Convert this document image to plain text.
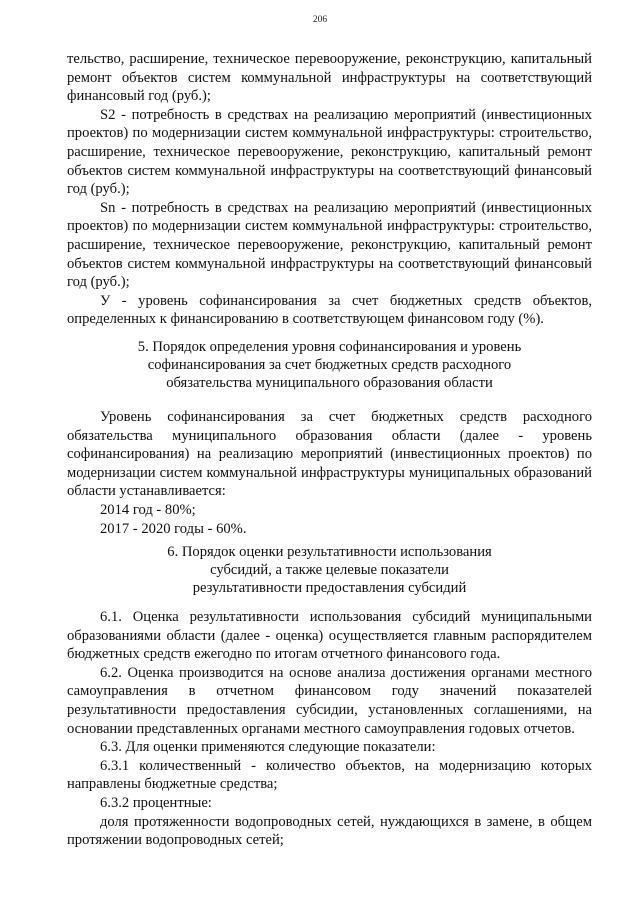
206

тельство, расширение, техническое перевооружение, реконструкцию, капитальный ремонт объектов систем коммунальной инфраструктуры на соответствующий финансовый год (руб.);

S2 - потребность в средствах на реализацию мероприятий (инвестиционных проектов) по модернизации систем коммунальной инфраструктуры: строительство, расширение, техническое перевооружение, реконструкцию, капитальный ремонт объектов систем коммунальной инфраструктуры на соответствующий финансовый год (руб.);

Sn - потребность в средствах на реализацию мероприятий (инвестиционных проектов) по модернизации систем коммунальной инфраструктуры: строительство, расширение, техническое перевооружение, реконструкцию, капитальный ремонт объектов систем коммунальной инфраструктуры на соответствующий финансовый год (руб.);

У - уровень софинансирования за счет бюджетных средств объектов, определенных к финансированию в соответствующем финансовом году (%).

5. Порядок определения уровня софинансирования и уровень

софинансирования за счет бюджетных средств расходного

обязательства муниципального образования области

Уровень софинансирования за счет бюджетных средств расходного обязательства муниципального образования области (далее - уровень софинансирования) на реализацию мероприятий (инвестиционных проектов) по модернизации систем коммунальной инфраструктуры муниципальных образований области устанавливается:

2014 год - 80%;

2017 - 2020 годы - 60%.

6. Порядок оценки результативности использования

субсидий, а также целевые показатели

результативности предоставления субсидий

6.1. Оценка результативности использования субсидий муниципальными образованиями области (далее - оценка) осуществляется главным распорядителем бюджетных средств ежегодно по итогам отчетного финансового года.

6.2. Оценка производится на основе анализа достижения органами местного самоуправления в отчетном финансовом году значений показателей результативности предоставления субсидии, установленных соглашениями, на основании представленных органами местного самоуправления годовых отчетов.

6.3. Для оценки применяются следующие показатели:

6.3.1 количественный - количество объектов, на модернизацию которых направлены бюджетные средства;

6.3.2 процентные:

доля протяженности водопроводных сетей, нуждающихся в замене, в общем протяжении водопроводных сетей;
